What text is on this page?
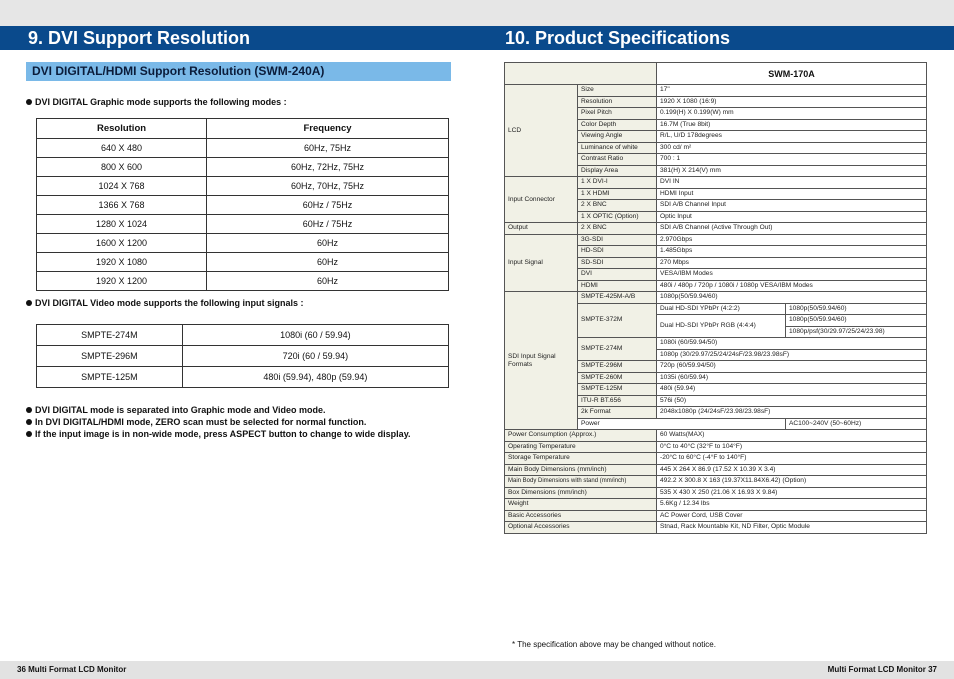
9. DVI Support Resolution	10. Product Specifications
DVI DIGITAL/HDMI Support Resolution (SWM-240A)
DVI DIGITAL Graphic mode supports the following modes :
Resolution	Frequency
640 X 480	60Hz, 75Hz
800 X 600	60Hz, 72Hz, 75Hz
1024 X 768	60Hz, 70Hz, 75Hz
1366 X 768	60Hz / 75Hz
1280 X 1024	60Hz / 75Hz
1600 X 1200	60Hz
1920 X 1080	60Hz
1920 X 1200	60Hz
DVI DIGITAL Video mode supports the following input signals :
SMPTE-274M	1080i (60 / 59.94)
SMPTE-296M	720i (60 / 59.94)
SMPTE-125M	480i (59.94), 480p (59.94)
DVI DIGITAL mode is separated into Graphic mode and Video mode.
In DVI DIGITAL/HDMI mode, ZERO scan must be selected for normal function.
If the input image is in non-wide mode, press ASPECT button to change to wide display.
		SWM-170A	
LCD	Size	17"	
	Resolution	1920 X 1080 (16:9)	
	Pixel Pitch	0.199(H) X 0.199(W) mm	
	Color Depth	16.7M (True 8bit)	
	Viewing Angle	R/L, U/D 178degrees	
	Luminance of white	300 cd/ m²	
	Contrast Ratio	700 : 1	
	Display Area	381(H) X 214(V) mm	
Input Connector	1 X DVI-I	DVI IN	
	1 X HDMI	HDMI Input	
	2 X BNC	SDI A/B Channel Input	
	1 X OPTIC (Option)	Optic Input	
Output	2 X BNC	SDI A/B Channel (Active Through Out)	
Input Signal	3G-SDI	2.970Gbps	
	HD-SDI	1.485Gbps	
	SD-SDI	270 Mbps	
	DVI	VESA/IBM Modes	
	HDMI	480i / 480p / 720p / 1080i / 1080p VESA/IBM Modes	
SDI Input Signal
Formats	SMPTE-425M-A/B	1080p(50/59.94/60)	
	SMPTE-372M	Dual HD-SDI YPbPr (4:2:2)	1080p(50/59.94/60)
		Dual HD-SDI YPbPr RGB (4:4:4)	1080p(50/59.94/60)
			1080p/psf(30/29.97/25/24/23.98)
	SMPTE-274M	1080i (60/59.94/50)	
		1080p (30/29.97/25/24/24sF/23.98/23.98sF)	
	SMPTE-296M	720p (60/59.94/50)	
	SMPTE-260M	1035i (60/59.94)	
	SMPTE-125M	480i (59.94)	
	ITU-R BT.656	576i (50)	
	2k Format	2048x1080p (24/24sF/23.98/23.98sF)	
	Power		AC100~240V (50~60Hz)
Power Consumption (Approx.)		60 Watts(MAX)	
Operating Temperature		0°C to 40°C (32°F to 104°F)	
Storage Temperature		-20°C to 60°C (-4°F to 140°F)	
Main Body Dimensions (mm/inch)		445 X 264 X 86.9 (17.52 X 10.39 X 3.4)	
Main Body Dimensions with stand (mm/inch)		492.2 X 300.8 X 163 (19.37X11.84X6.42) (Option)	
Box Dimensions (mm/inch)		535 X 430 X 250 (21.06 X 16.93 X 9.84)	
Weight		5.6Kg / 12.34 lbs	
Basic Accessories		AC Power Cord, USB Cover	
Optional Accessories		Stnad, Rack Mountable Kit, ND Filter, Optic Module	
* The specification above may be changed without notice.
36 Multi Format LCD Monitor	Multi Format LCD Monitor 37
